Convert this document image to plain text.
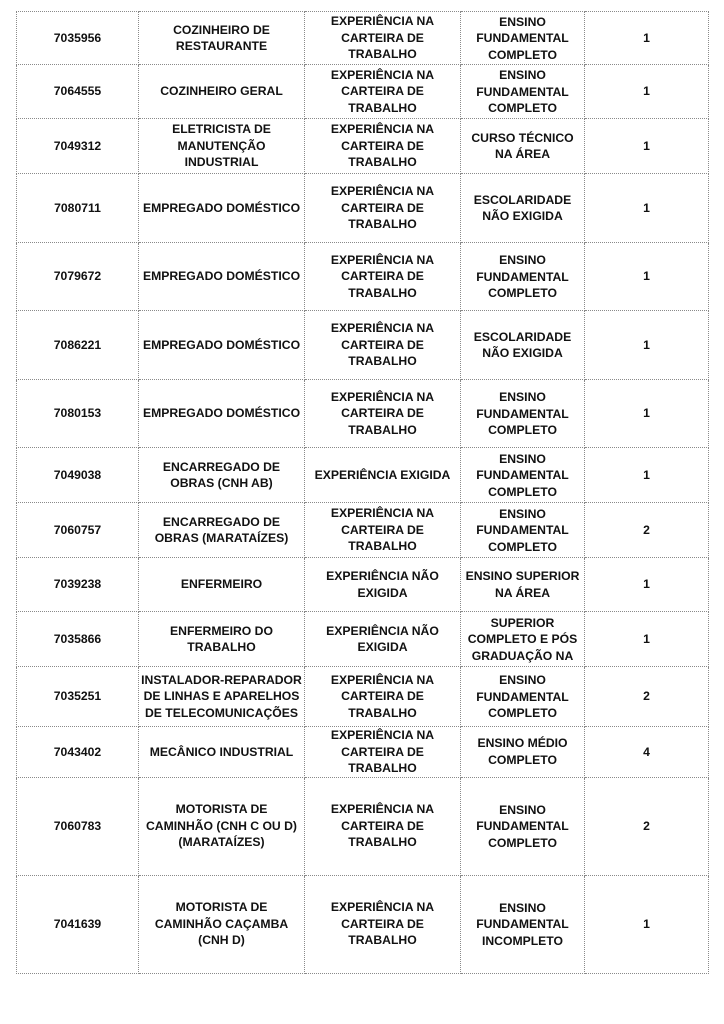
7035956	COZINHEIRO DE RESTAURANTE	EXPERIÊNCIA NA CARTEIRA DE TRABALHO	ENSINO FUNDAMENTAL COMPLETO	1
7064555	COZINHEIRO GERAL	EXPERIÊNCIA NA CARTEIRA DE TRABALHO	ENSINO FUNDAMENTAL COMPLETO	1
7049312	ELETRICISTA DE MANUTENÇÃO INDUSTRIAL	EXPERIÊNCIA NA CARTEIRA DE TRABALHO	CURSO TÉCNICO NA ÁREA	1
7080711	EMPREGADO DOMÉSTICO	EXPERIÊNCIA NA CARTEIRA DE TRABALHO	ESCOLARIDADE NÃO EXIGIDA	1
7079672	EMPREGADO DOMÉSTICO	EXPERIÊNCIA NA CARTEIRA DE TRABALHO	ENSINO FUNDAMENTAL COMPLETO	1
7086221	EMPREGADO DOMÉSTICO	EXPERIÊNCIA NA CARTEIRA DE TRABALHO	ESCOLARIDADE NÃO EXIGIDA	1
7080153	EMPREGADO DOMÉSTICO	EXPERIÊNCIA NA CARTEIRA DE TRABALHO	ENSINO FUNDAMENTAL COMPLETO	1
7049038	ENCARREGADO DE OBRAS (CNH AB)	EXPERIÊNCIA EXIGIDA	ENSINO FUNDAMENTAL COMPLETO	1
7060757	ENCARREGADO DE OBRAS (MARATAÍZES)	EXPERIÊNCIA NA CARTEIRA DE TRABALHO	ENSINO FUNDAMENTAL COMPLETO	2
7039238	ENFERMEIRO	EXPERIÊNCIA NÃO EXIGIDA	ENSINO SUPERIOR NA ÁREA	1
7035866	ENFERMEIRO DO TRABALHO	EXPERIÊNCIA NÃO EXIGIDA	SUPERIOR COMPLETO E PÓS GRADUAÇÃO NA	1
7035251	INSTALADOR-REPARADOR DE LINHAS E APARELHOS DE TELECOMUNICAÇÕES	EXPERIÊNCIA NA CARTEIRA DE TRABALHO	ENSINO FUNDAMENTAL COMPLETO	2
7043402	MECÂNICO INDUSTRIAL	EXPERIÊNCIA NA CARTEIRA DE TRABALHO	ENSINO MÉDIO COMPLETO	4
7060783	MOTORISTA DE CAMINHÃO (CNH C OU D) (MARATAÍZES)	EXPERIÊNCIA NA CARTEIRA DE TRABALHO	ENSINO FUNDAMENTAL COMPLETO	2
7041639	MOTORISTA DE CAMINHÃO CAÇAMBA (CNH D)	EXPERIÊNCIA NA CARTEIRA DE TRABALHO	ENSINO FUNDAMENTAL INCOMPLETO	1
